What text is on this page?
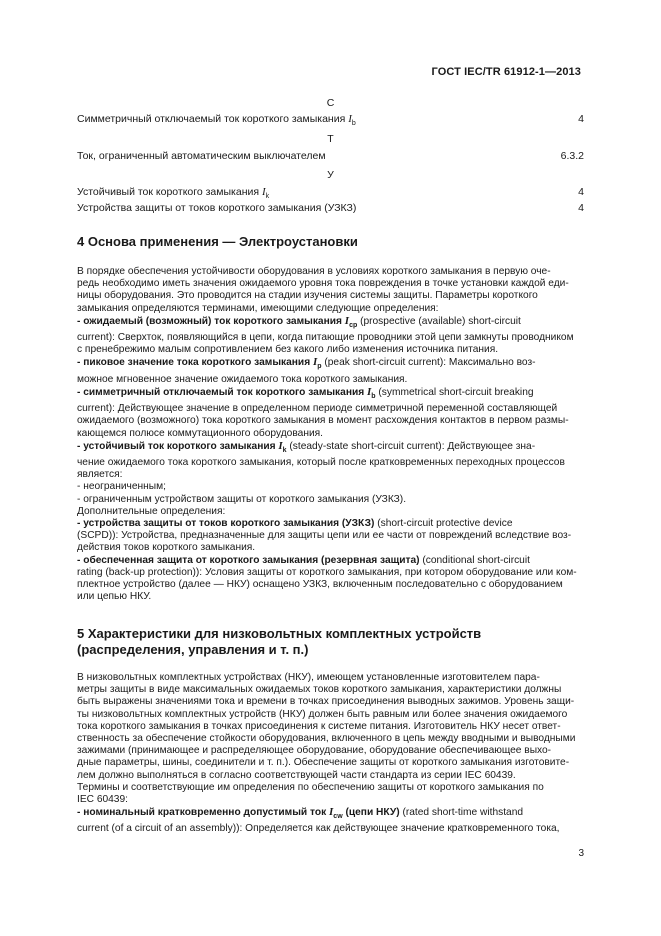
ГОСТ IEC/TR 61912-1—2013
С
Симметричный отключаемый ток короткого замыкания $I_b$	4
Т
Ток, ограниченный автоматическим выключателем	6.3.2
У
Устойчивый ток короткого замыкания $I_k$	4
Устройства защиты от токов короткого замыкания (УЗКЗ)	4
4 Основа применения — Электроустановки

В порядке обеспечения устойчивости оборудования в условиях короткого замыкания в первую оче-

редь необходимо иметь значения ожидаемого уровня тока повреждения в точке установки каждой еди-

ницы оборудования. Это проводится на стадии изучения системы защиты. Параметры короткого

замыкания определяются терминами, имеющими следующие определения:

- ожидаемый (возможный) ток короткого замыкания $I_{cp}$ (prospective (available) short-circuit

current): Сверхток, появляющийся в цепи, когда питающие проводники этой цепи замкнуты проводником

с пренебрежимо малым сопротивлением без какого либо изменения источника питания.

- пиковое значение тока короткого замыкания $I_p$ (peak short-circuit current): Максимально воз-

можное мгновенное значение ожидаемого тока короткого замыкания.

- симметричный отключаемый ток короткого замыкания $I_b$ (symmetrical short-circuit breaking

current): Действующее значение в определенном периоде симметричной переменной составляющей

ожидаемого (возможного) тока короткого замыкания в момент расхождения контактов в первом размы-

кающемся полюсе коммутационного оборудования.

- устойчивый ток короткого замыкания $I_k$ (steady-state short-circuit current): Действующее зна-

чение ожидаемого тока короткого замыкания, который после кратковременных переходных процессов

является:

- неограниченным;

- ограниченным устройством защиты от короткого замыкания (УЗКЗ).

Дополнительные определения:

- устройства защиты от токов короткого замыкания (УЗКЗ) (short-circuit protective device

(SCPD)): Устройства, предназначенные для защиты цепи или ее части от повреждений вследствие воз-

действия токов короткого замыкания.

- обеспеченная защита от короткого замыкания (резервная защита) (conditional short-circuit

rating (back-up protection)): Условия защиты от короткого замыкания, при котором оборудование или ком-

плектное устройство (далее — НКУ) оснащено УЗКЗ, включенным последовательно с оборудованием

или цепью НКУ.

5 Характеристики для низковольтных комплектных устройств
(распределения, управления и т. п.)

В низковольтных комплектных устройствах (НКУ), имеющем установленные изготовителем пара-

метры защиты в виде максимальных ожидаемых токов короткого замыкания, характеристики должны

быть выражены значениями тока и времени в точках присоединения выводных зажимов. Уровень защи-

ты низковольтных комплектных устройств (НКУ) должен быть равным или более значения ожидаемого

тока короткого замыкания в точках присоединения к системе питания. Изготовитель НКУ несет ответ-

ственность за обеспечение стойкости оборудования, включенного в цепь между вводными и выводными

зажимами (принимающее и распределяющее оборудование, оборудование обеспечивающее выхо-

дные параметры, шины, соединители и т. п.). Обеспечение защиты от короткого замыкания изготовите-

лем должно выполняться в согласно соответствующей части стандарта из серии IEC 60439.

Термины и соответствующие им определения по обеспечению защиты от короткого замыкания по

IEC 60439:

- номинальный кратковременно допустимый ток $I_{cw}$ (цепи НКУ) (rated short-time withstand

current (of a circuit of an assembly)): Определяется как действующее значение кратковременного тока,

3
